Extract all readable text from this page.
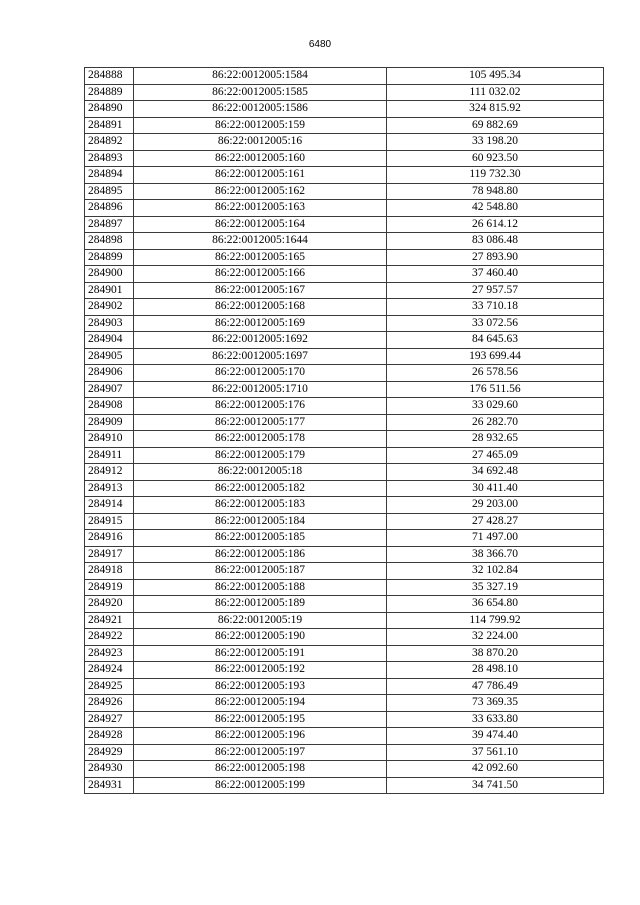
6480
284888	86:22:0012005:1584	105 495.34
284889	86:22:0012005:1585	111 032.02
284890	86:22:0012005:1586	324 815.92
284891	86:22:0012005:159	69 882.69
284892	86:22:0012005:16	33 198.20
284893	86:22:0012005:160	60 923.50
284894	86:22:0012005:161	119 732.30
284895	86:22:0012005:162	78 948.80
284896	86:22:0012005:163	42 548.80
284897	86:22:0012005:164	26 614.12
284898	86:22:0012005:1644	83 086.48
284899	86:22:0012005:165	27 893.90
284900	86:22:0012005:166	37 460.40
284901	86:22:0012005:167	27 957.57
284902	86:22:0012005:168	33 710.18
284903	86:22:0012005:169	33 072.56
284904	86:22:0012005:1692	84 645.63
284905	86:22:0012005:1697	193 699.44
284906	86:22:0012005:170	26 578.56
284907	86:22:0012005:1710	176 511.56
284908	86:22:0012005:176	33 029.60
284909	86:22:0012005:177	26 282.70
284910	86:22:0012005:178	28 932.65
284911	86:22:0012005:179	27 465.09
284912	86:22:0012005:18	34 692.48
284913	86:22:0012005:182	30 411.40
284914	86:22:0012005:183	29 203.00
284915	86:22:0012005:184	27 428.27
284916	86:22:0012005:185	71 497.00
284917	86:22:0012005:186	38 366.70
284918	86:22:0012005:187	32 102.84
284919	86:22:0012005:188	35 327.19
284920	86:22:0012005:189	36 654.80
284921	86:22:0012005:19	114 799.92
284922	86:22:0012005:190	32 224.00
284923	86:22:0012005:191	38 870.20
284924	86:22:0012005:192	28 498.10
284925	86:22:0012005:193	47 786.49
284926	86:22:0012005:194	73 369.35
284927	86:22:0012005:195	33 633.80
284928	86:22:0012005:196	39 474.40
284929	86:22:0012005:197	37 561.10
284930	86:22:0012005:198	42 092.60
284931	86:22:0012005:199	34 741.50
